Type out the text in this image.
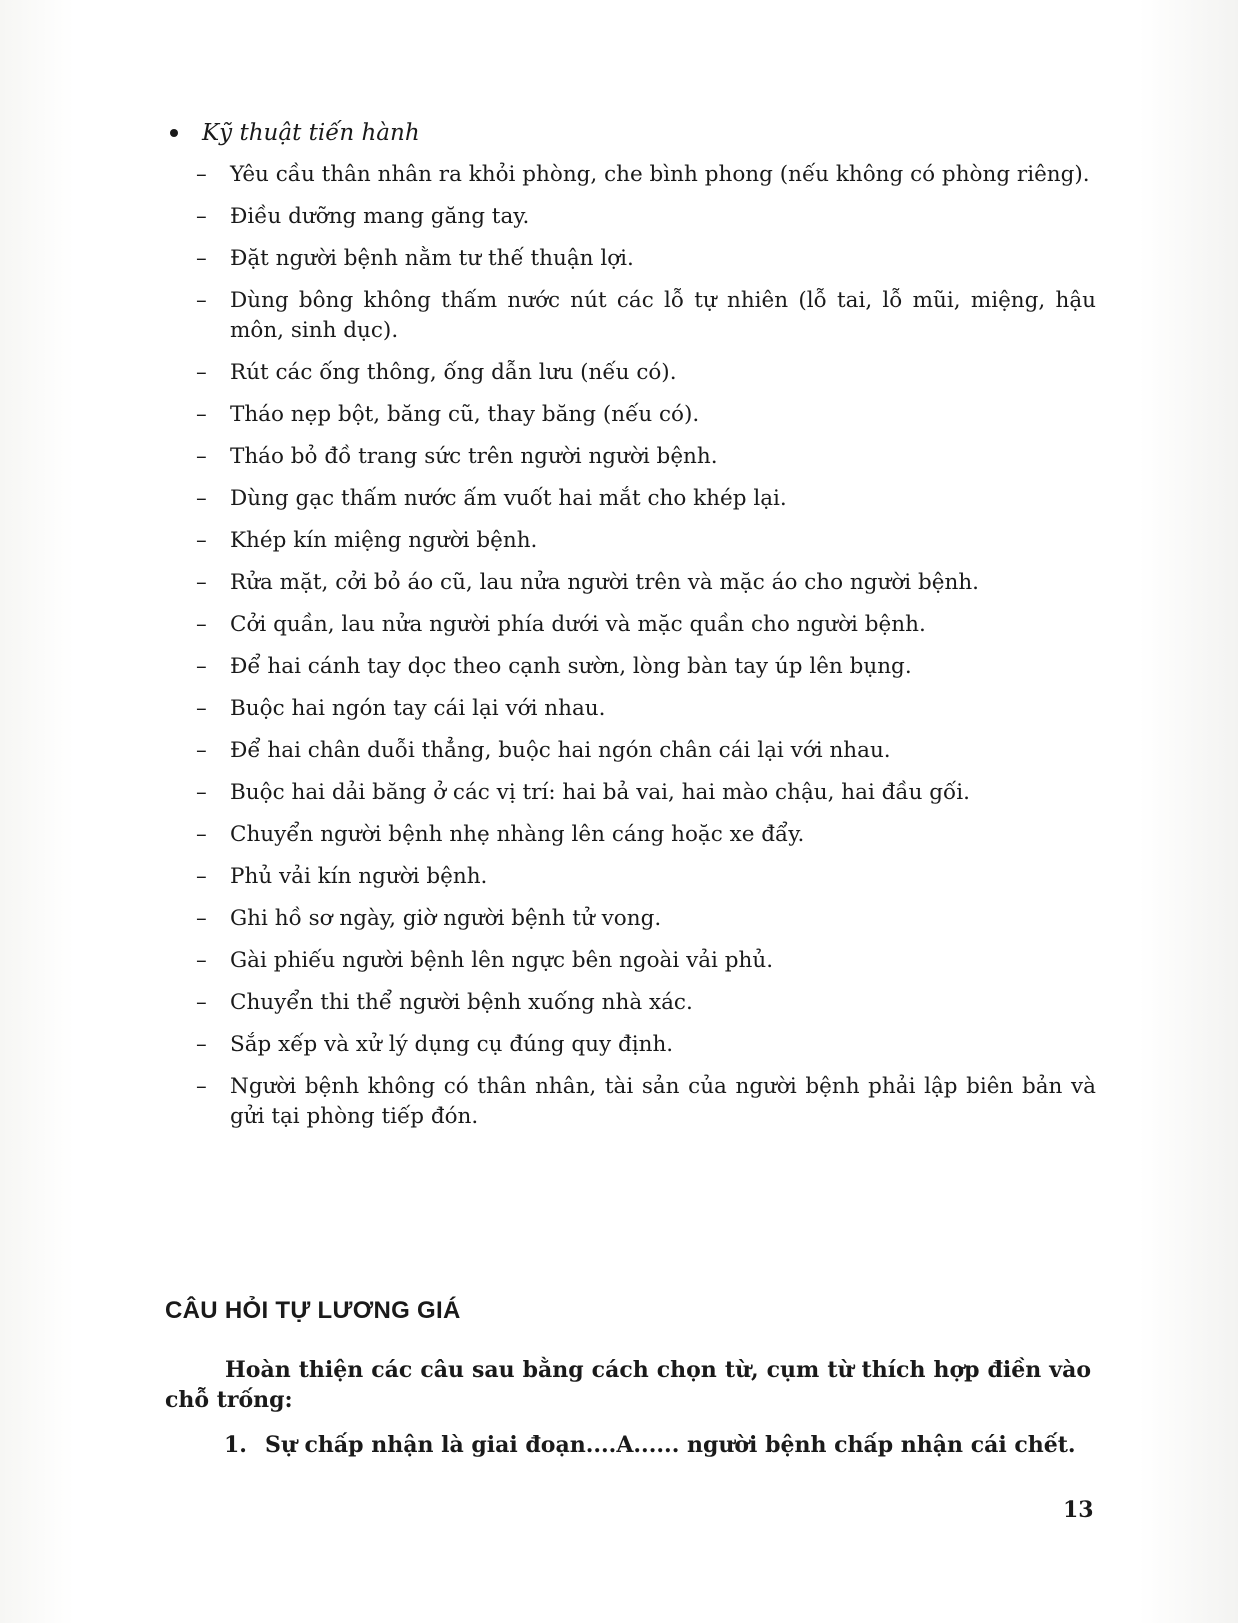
Kỹ thuật tiến hành
–	Yêu cầu thân nhân ra khỏi phòng, che bình phong (nếu không có phòng riêng).
–	Điều dưỡng mang găng tay.
–	Đặt người bệnh nằm tư thế thuận lợi.
–	Dùng bông không thấm nước nút các lỗ tự nhiên (lỗ tai, lỗ mũi, miệng, hậu môn, sinh dục).
–	Rút các ống thông, ống dẫn lưu (nếu có).
–	Tháo nẹp bột, băng cũ, thay băng (nếu có).
–	Tháo bỏ đồ trang sức trên người người bệnh.
–	Dùng gạc thấm nước ấm vuốt hai mắt cho khép lại.
–	Khép kín miệng người bệnh.
–	Rửa mặt, cởi bỏ áo cũ, lau nửa người trên và mặc áo cho người bệnh.
–	Cởi quần, lau nửa người phía dưới và mặc quần cho người bệnh.
–	Để hai cánh tay dọc theo cạnh sườn, lòng bàn tay úp lên bụng.
–	Buộc hai ngón tay cái lại với nhau.
–	Để hai chân duỗi thẳng, buộc hai ngón chân cái lại với nhau.
–	Buộc hai dải băng ở các vị trí: hai bả vai, hai mào chậu, hai đầu gối.
–	Chuyển người bệnh nhẹ nhàng lên cáng hoặc xe đẩy.
–	Phủ vải kín người bệnh.
–	Ghi hồ sơ ngày, giờ người bệnh tử vong.
–	Gài phiếu người bệnh lên ngực bên ngoài vải phủ.
–	Chuyển thi thể người bệnh xuống nhà xác.
–	Sắp xếp và xử lý dụng cụ đúng quy định.
–	Người bệnh không có thân nhân, tài sản của người bệnh phải lập biên bản và gửi tại phòng tiếp đón.
CÂU HỎI TỰ LƯƠNG GIÁ
Hoàn thiện các câu sau bằng cách chọn từ, cụm từ thích hợp điền vào chỗ trống:
1. Sự chấp nhận là giai đoạn....A...... người bệnh chấp nhận cái chết.
13
